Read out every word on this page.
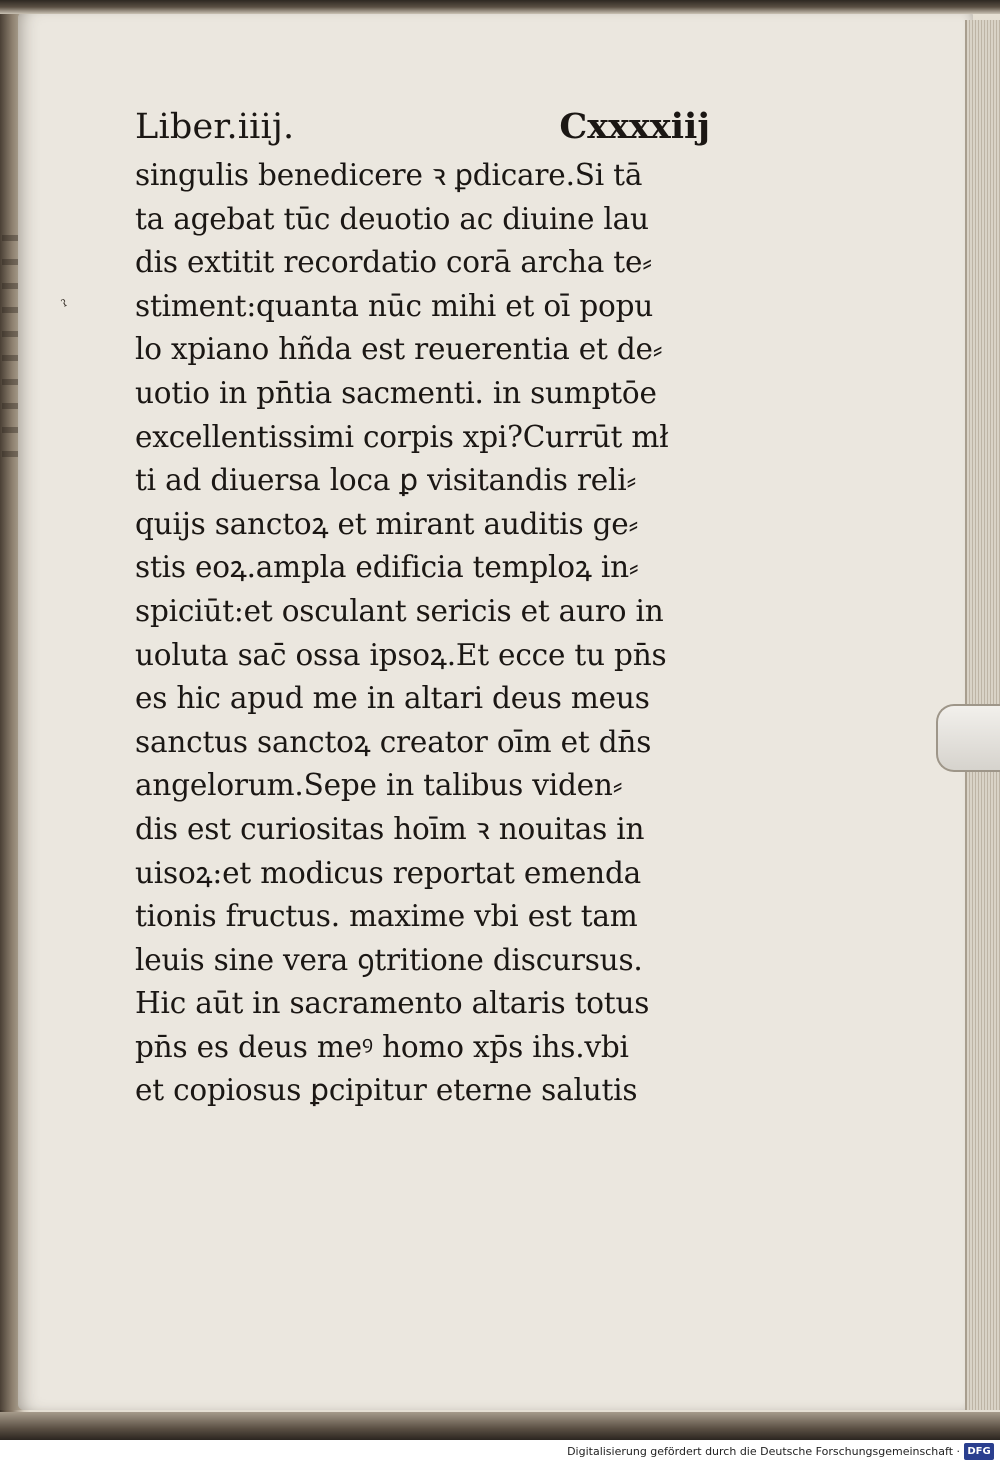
ˀ
Liber.iiij.	Cxxxxiij
singulis benedicere ꝛ ꝑdicare.Si tā
ta agebat tūc deuotio ac diuine lau
dis extitit recordatio corā archa te⸗
stiment:quanta nūc mihi et oī popu
lo xpiano hñda est reuerentia et de⸗
uotio in pn̄tia sacmenti. in sumptōe
excellentissimi corpis xpi?Currūt mł
ti ad diuersa loca ꝑ visitandis reli⸗
quijs sanctoꝝ et mirant auditis ge⸗
stis eoꝝ.ampla edificia temploꝝ in⸗
spiciūt:et osculant sericis et auro in
uoluta sac̄ ossa ipsoꝝ.Et ecce tu pn̄s
es hic apud me in altari deus meus
sanctus sanctoꝝ creator oīm et dn̄s
angelorum.Sepe in talibus viden⸗
dis est curiositas hoīm ꝛ nouitas in
uisoꝝ:et modicus reportat emenda
tionis fructus. maxime vbi est tam
leuis sine vera ꝯtritione discursus.
Hic aūt in sacramento altaris totus
pn̄s es deus meꝰ homo xp̄s ihs.vbi
et copiosus ꝑcipitur eterne salutis
Digitalisierung gefördert durch die Deutsche Forschungsgemeinschaft · DFG
